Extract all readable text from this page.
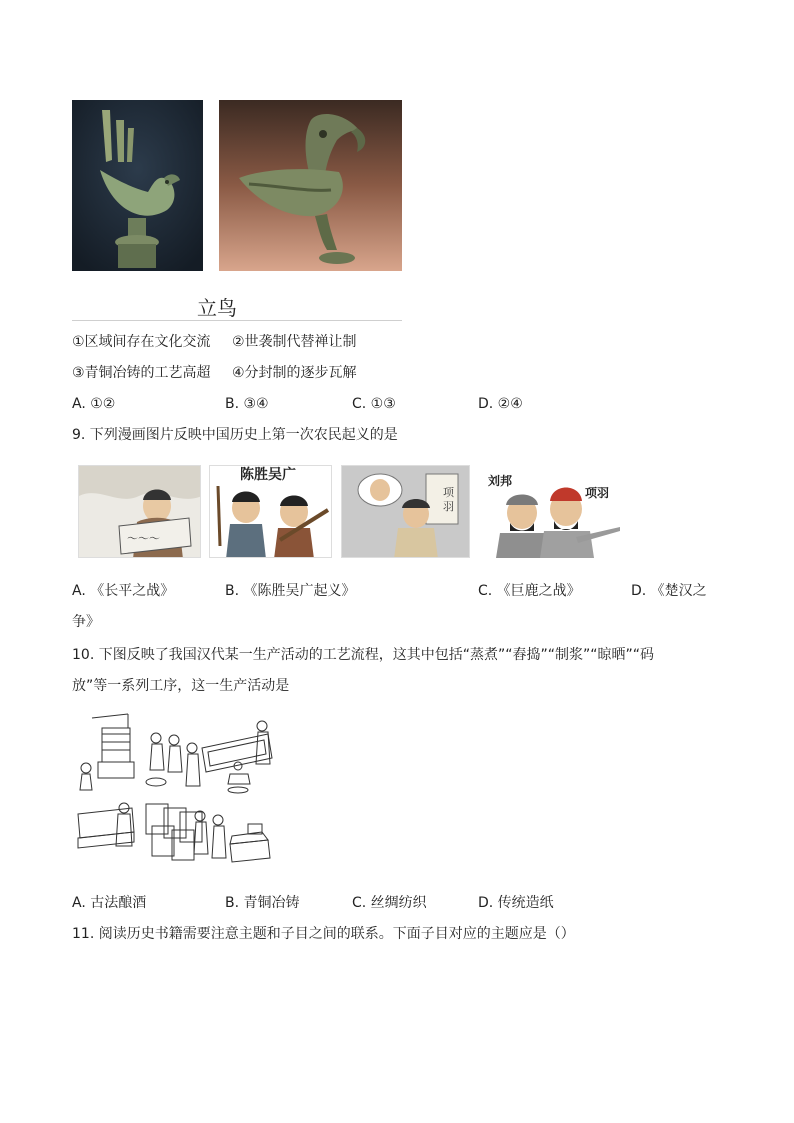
立鸟
①区域间存在文化交流 ②世袭制代替禅让制
③青铜冶铸的工艺高超 ④分封制的逐步瓦解
A. ①②	B. ③④	C. ①③	D. ②④
9. 下列漫画图片反映中国历史上第一次农民起义的是
～～～
陈胜吴广
项 羽
刘邦
项羽
A. 《长平之战》	B. 《陈胜吴广起义》	C. 《巨鹿之战》	D. 《楚汉之
争》
10. 下图反映了我国汉代某一生产活动的工艺流程，这其中包括“蒸煮”“舂捣”“制浆”“晾晒”“码
放”等一系列工序，这一生产活动是
A. 古法酿酒	B. 青铜冶铸	C. 丝绸纺织	D. 传统造纸
11. 阅读历史书籍需要注意主题和子目之间的联系。下面子目对应的主题应是（）
